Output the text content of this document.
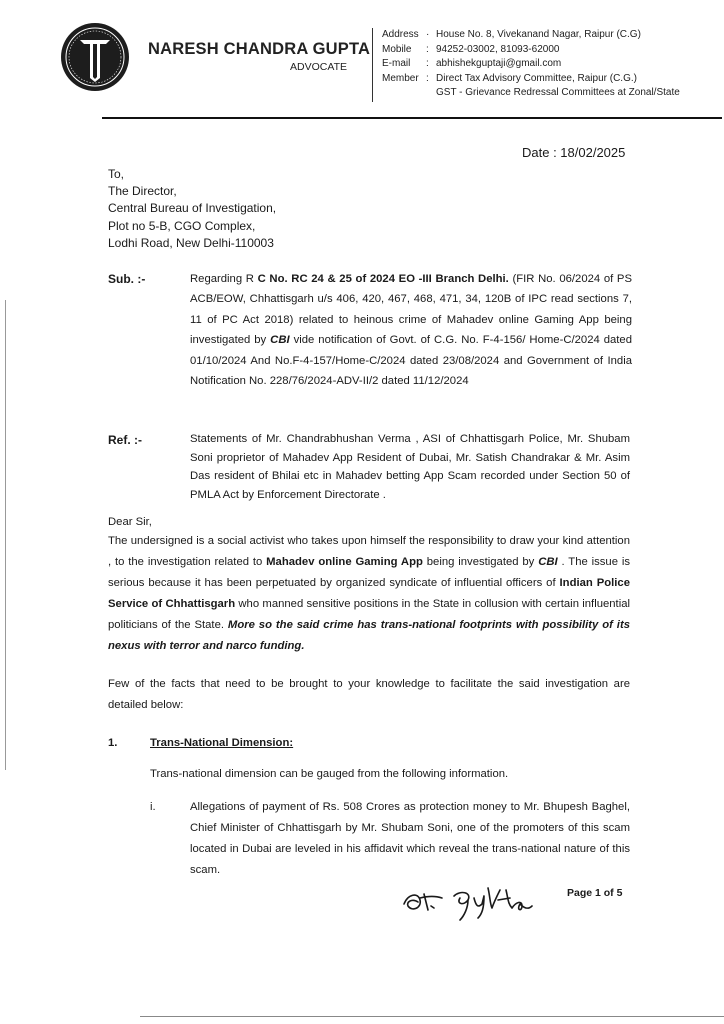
NARESH CHANDRA GUPTA
ADVOCATE
Address · House No. 8, Vivekanand Nagar, Raipur (C.G)
Mobile	: 94252-03002, 81093-62000
E-mail	: abhishekguptaji@gmail.com
Member : Direct Tax Advisory Committee, Raipur (C.G.)
GST - Grievance Redressal Committees at Zonal/State
Date : 18/02/2025
To,
The Director,
Central Bureau of Investigation,
Plot no 5-B, CGO Complex,
Lodhi Road, New Delhi-110003
Sub. :-	Regarding R C No. RC 24 & 25 of 2024 EO -III Branch Delhi. (FIR No. 06/2024 of PS ACB/EOW, Chhattisgarh u/s 406, 420, 467, 468, 471, 34, 120B of IPC read sections 7, 11 of PC Act 2018) related to heinous crime of Mahadev online Gaming App being investigated by CBI vide notification of Govt. of C.G. No. F-4-156/ Home-C/2024 dated 01/10/2024 And No.F-4-157/Home-C/2024 dated 23/08/2024 and Government of India Notification No. 228/76/2024-ADV-II/2 dated 11/12/2024
Ref. :-	Statements of Mr. Chandrabhushan Verma , ASI of Chhattisgarh Police, Mr. Shubam Soni proprietor of Mahadev App Resident of Dubai, Mr. Satish Chandrakar & Mr. Asim Das resident of Bhilai etc in Mahadev betting App Scam recorded under Section 50 of PMLA Act by Enforcement Directorate .
Dear Sir,
The undersigned is a social activist who takes upon himself the responsibility to draw your kind attention , to the investigation related to Mahadev online Gaming App being investigated by CBI . The issue is serious because it has been perpetuated by organized syndicate of influential officers of Indian Police Service of Chhattisgarh who manned sensitive positions in the State in collusion with certain influential politicians of the State. More so the said crime has trans-national footprints with possibility of its nexus with terror and narco funding.
Few of the facts that need to be brought to your knowledge to facilitate the said investigation are detailed below:
1.	Trans-National Dimension:
Trans-national dimension can be gauged from the following information.
i.	Allegations of payment of Rs. 508 Crores as protection money to Mr. Bhupesh Baghel, Chief Minister of Chhattisgarh by Mr. Shubam Soni, one of the promoters of this scam located in Dubai are leveled in his affidavit which reveal the trans-national nature of this scam.
Page 1 of 5
